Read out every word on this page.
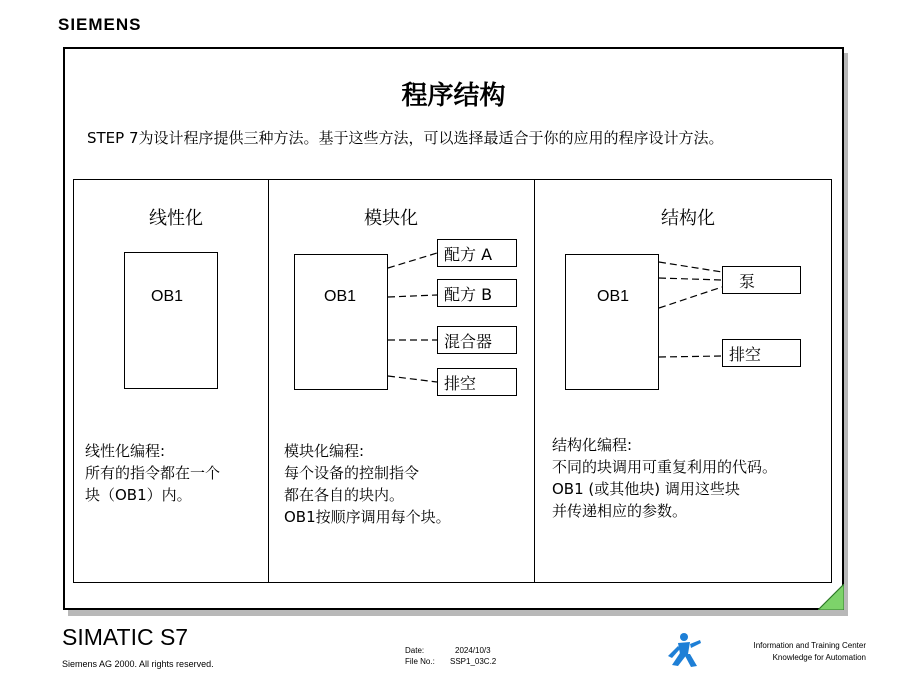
SIEMENS
程序结构
STEP 7为设计程序提供三种方法。基于这些方法，可以选择最适合于你的应用的程序设计方法。
线性化
OB1
线性化编程:
所有的指令都在一个
块（OB1）内。
模块化
OB1
配方 A
配方 B
混合器
排空
模块化编程:
每个设备的控制指令
都在各自的块内。
OB1按顺序调用每个块。
结构化
OB1
泵
排空
结构化编程:
不同的块调用可重复利用的代码。
OB1 (或其他块) 调用这些块
并传递相应的参数。
SIMATIC S7
Siemens AG 2000. All rights reserved.
Date:	2024/10/3
File No.: SSP1_03C.2
Information and Training Center
Knowledge for Automation
